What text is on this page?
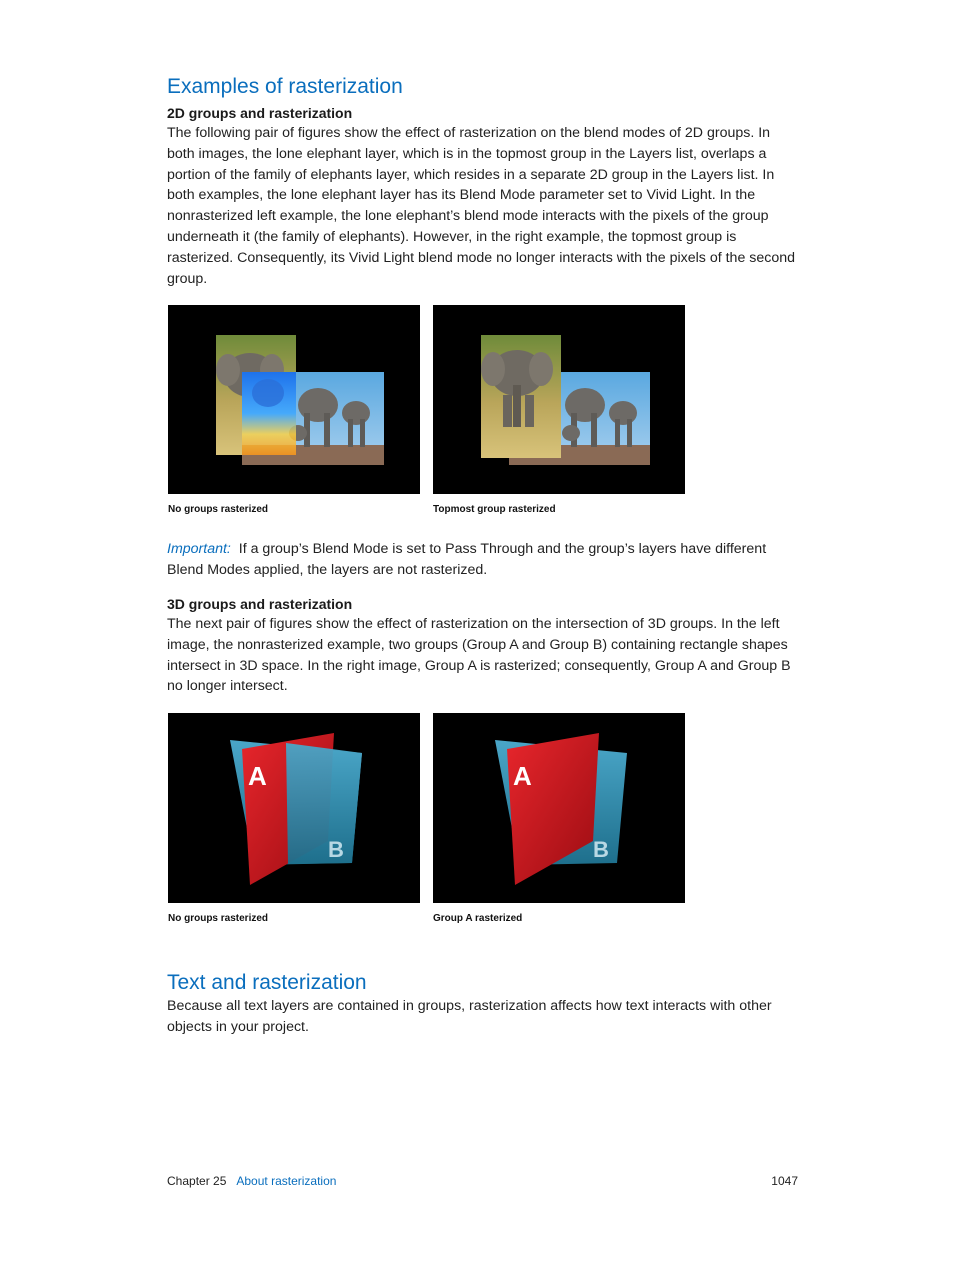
Examples of rasterization
2D groups and rasterization
The following pair of figures show the effect of rasterization on the blend modes of 2D groups. In both images, the lone elephant layer, which is in the topmost group in the Layers list, overlaps a portion of the family of elephants layer, which resides in a separate 2D group in the Layers list. In both examples, the lone elephant layer has its Blend Mode parameter set to Vivid Light. In the nonrasterized left example, the lone elephant’s blend mode interacts with the pixels of the group underneath it (the family of elephants). However, in the right example, the topmost group is rasterized. Consequently, its Vivid Light blend mode no longer interacts with the pixels of the second group.
No groups rasterized	Topmost group rasterized
Important: If a group’s Blend Mode is set to Pass Through and the group’s layers have different Blend Modes applied, the layers are not rasterized.
3D groups and rasterization
The next pair of figures show the effect of rasterization on the intersection of 3D groups. In the left image, the nonrasterized example, two groups (Group A and Group B) containing rectangle shapes intersect in 3D space. In the right image, Group A is rasterized; consequently, Group A and Group B no longer intersect.
A
B
No groups rasterized
A
B
Group A rasterized
Text and rasterization
Because all text layers are contained in groups, rasterization affects how text interacts with other objects in your project.
Chapter 25 About rasterization	1047
